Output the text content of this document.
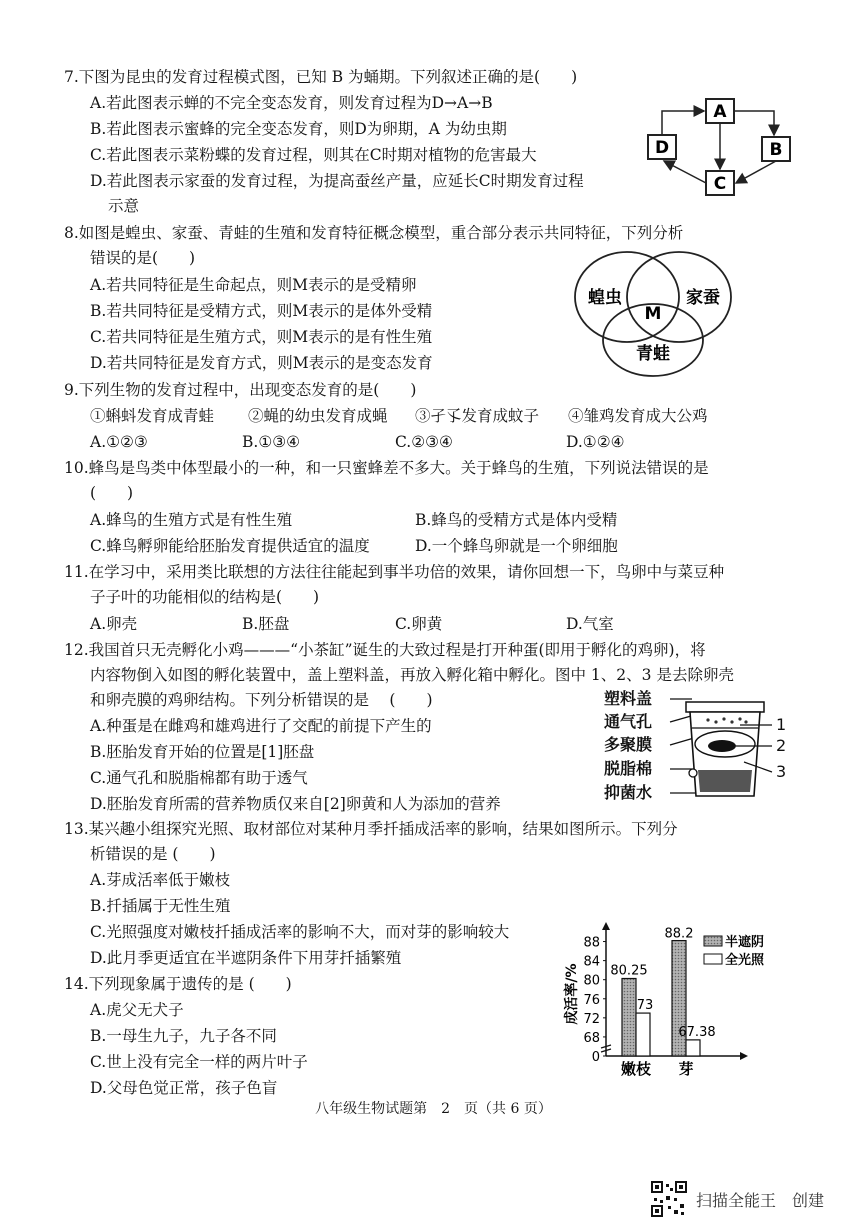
7.下图为昆虫的发育过程模式图，已知 B 为蛹期。下列叙述正确的是(　　)
A.若此图表示蝉的不完全变态发育，则发育过程为D→A→B
B.若此图表示蜜蜂的完全变态发育，则D为卵期，A 为幼虫期
C.若此图表示菜粉蝶的发育过程，则其在C时期对植物的危害最大
D.若此图表示家蚕的发育过程，为提高蚕丝产量，应延长C时期发育过程
示意
A
B
C
D
8.如图是蝗虫、家蚕、青蛙的生殖和发育特征概念模型，重合部分表示共同特征，下列分析
错误的是(　　)
A.若共同特征是生命起点，则M表示的是受精卵
B.若共同特征是受精方式，则M表示的是体外受精
C.若共同特征是生殖方式，则M表示的是有性生殖
D.若共同特征是发育方式，则M表示的是变态发育
蝗虫	家蚕
青蛙
M
9.下列生物的发育过程中，出现变态发育的是(　　)
①蝌蚪发育成青蛙 ②蝇的幼虫发育成蝇 ③孑孓发育成蚊子 ④雏鸡发育成大公鸡
A.①②③	B.①③④	C.②③④	D.①②④
10.蜂鸟是鸟类中体型最小的一种，和一只蜜蜂差不多大。关于蜂鸟的生殖，下列说法错误的是
(　　)
A.蜂鸟的生殖方式是有性生殖	B.蜂鸟的受精方式是体内受精
C.蜂鸟孵卵能给胚胎发育提供适宜的温度	D.一个蜂鸟卵就是一个卵细胞
11.在学习中，采用类比联想的方法往往能起到事半功倍的效果，请你回想一下，鸟卵中与菜豆种
子子叶的功能相似的结构是(　　)
A.卵壳	B.胚盘	C.卵黄	D.气室
12.我国首只无壳孵化小鸡———“小茶缸”诞生的大致过程是打开种蛋(即用于孵化的鸡卵)，将
内容物倒入如图的孵化装置中，盖上塑料盖，再放入孵化箱中孵化。图中 1、2、3 是去除卵壳
和卵壳膜的鸡卵结构。下列分析错误的是　 (　　)
A.种蛋是在雌鸡和雄鸡进行了交配的前提下产生的
B.胚胎发育开始的位置是[1]胚盘
C.通气孔和脱脂棉都有助于透气
D.胚胎发育所需的营养物质仅来自[2]卵黄和人为添加的营养
塑料盖
通气孔
多聚膜
脱脂棉
抑菌水
1
2
3
13.某兴趣小组探究光照、取材部位对某种月季扦插成活率的影响，结果如图所示。下列分
析错误的是 (　　)
A.芽成活率低于嫩枝
B.扦插属于无性生殖
C.光照强度对嫩枝扦插成活率的影响不大，而对芽的影响较大
D.此月季更适宜在半遮阴条件下用芽扦插繁殖
14.下列现象属于遗传的是 (　　)
A.虎父无犬子
B.一母生九子，九子各不同
C.世上没有完全一样的两片叶子
D.父母色觉正常，孩子色盲
成活率/%
0
68
72
76
80
84
88
嫩枝 芽
80.25
73
88.2
67.38
半遮阴
全光照
八年级生物试题第　2　页（共 6 页）
扫描全能王　创建
